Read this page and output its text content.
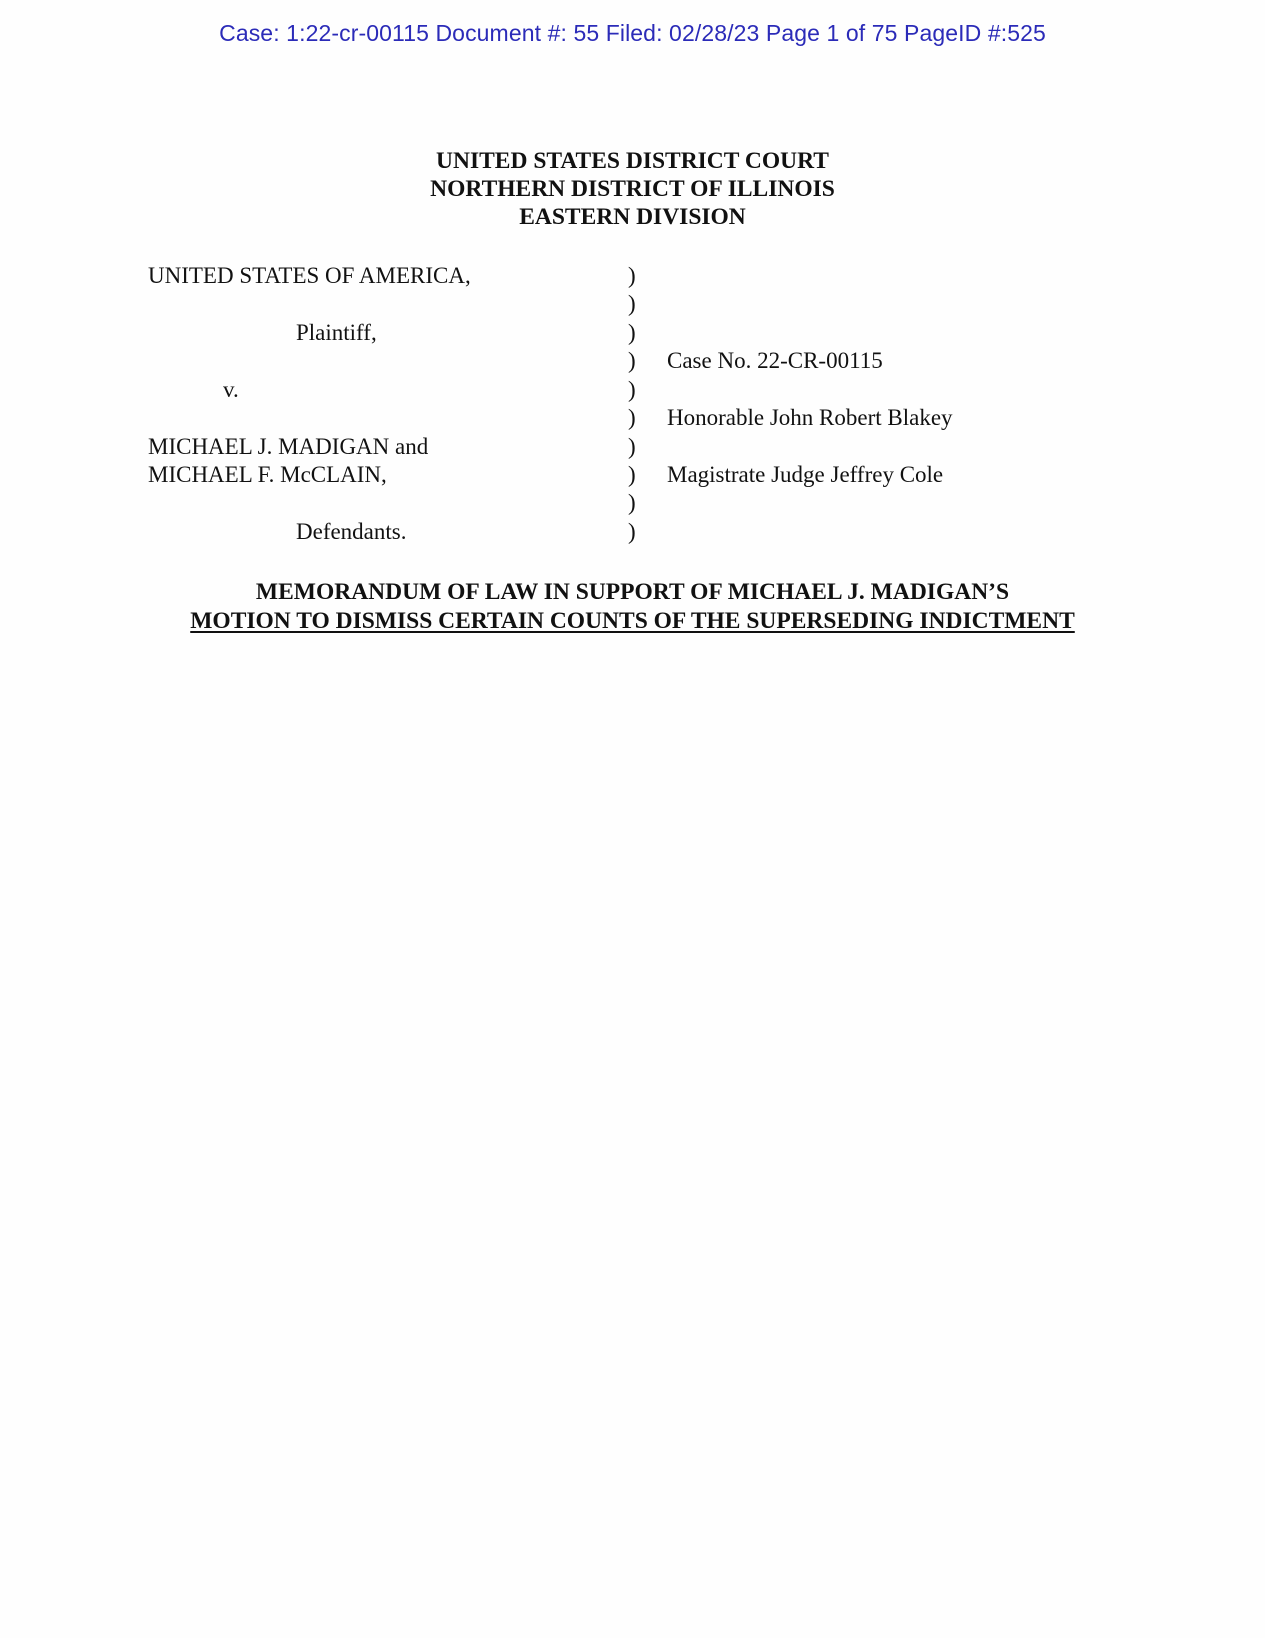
Case: 1:22-cr-00115 Document #: 55 Filed: 02/28/23 Page 1 of 75 PageID #:525
UNITED STATES DISTRICT COURT
NORTHERN DISTRICT OF ILLINOIS
EASTERN DIVISION
UNITED STATES OF AMERICA,
Plaintiff,
v.
MICHAEL J. MADIGAN and
MICHAEL F. McCLAIN,
Defendants.
)
)
)
)
)
)
)
)
)
)
Case No. 22-CR-00115
Honorable John Robert Blakey
Magistrate Judge Jeffrey Cole
MEMORANDUM OF LAW IN SUPPORT OF MICHAEL J. MADIGAN’S
MOTION TO DISMISS CERTAIN COUNTS OF THE SUPERSEDING INDICTMENT
